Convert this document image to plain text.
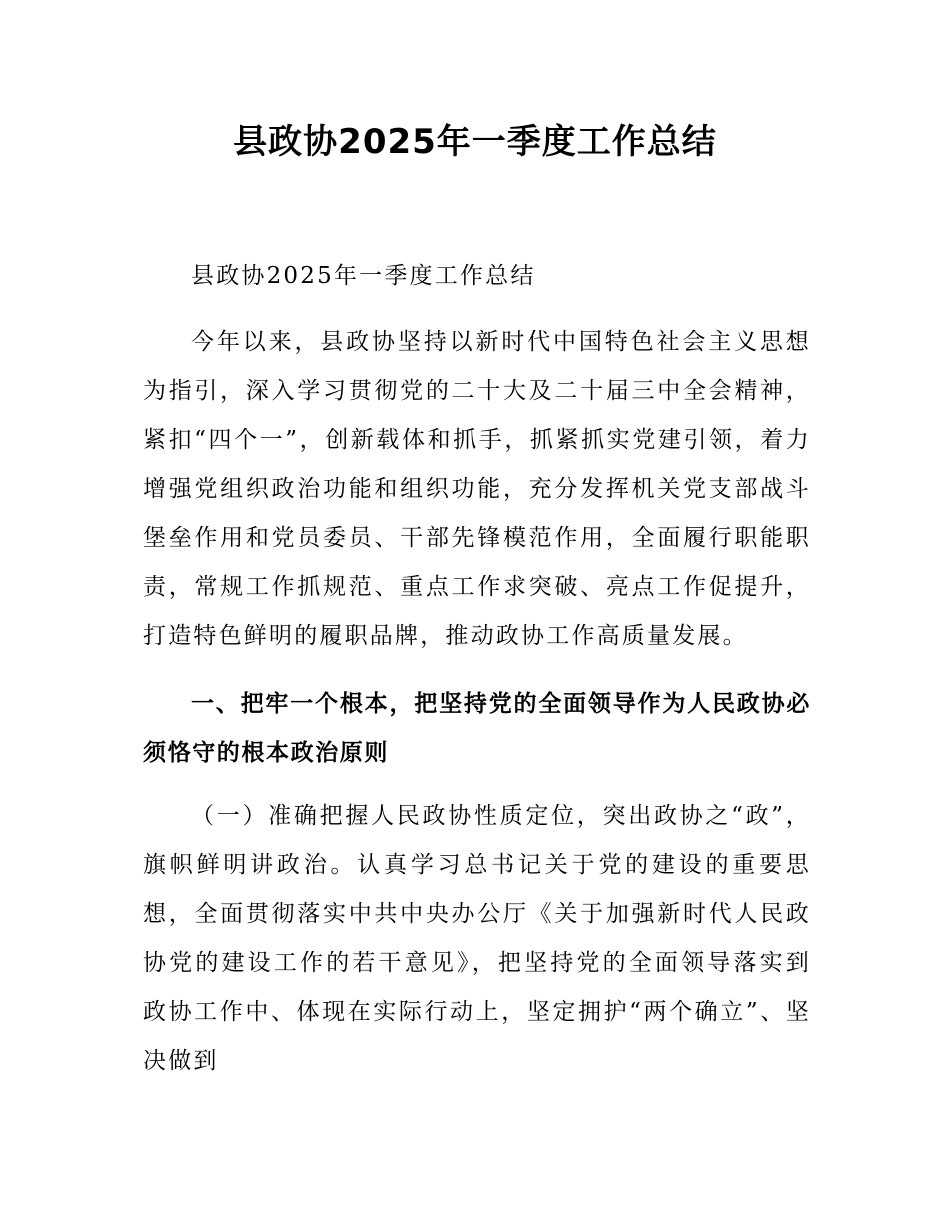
县政协2025年一季度工作总结

县政协2025年一季度工作总结

今年以来，县政协坚持以新时代中国特色社会主义思想为指引，深入学习贯彻党的二十大及二十届三中全会精神，紧扣“四个一”，创新载体和抓手，抓紧抓实党建引领，着力增强党组织政治功能和组织功能，充分发挥机关党支部战斗堡垒作用和党员委员、干部先锋模范作用，全面履行职能职责，常规工作抓规范、重点工作求突破、亮点工作促提升，打造特色鲜明的履职品牌，推动政协工作高质量发展。

一、把牢一个根本，把坚持党的全面领导作为人民政协必须恪守的根本政治原则

（一）准确把握人民政协性质定位，突出政协之“政”，旗帜鲜明讲政治。认真学习总书记关于党的建设的重要思想，全面贯彻落实中共中央办公厅《关于加强新时代人民政协党的建设工作的若干意见》，把坚持党的全面领导落实到政协工作中、体现在实际行动上，坚定拥护“两个确立”、坚决做到
